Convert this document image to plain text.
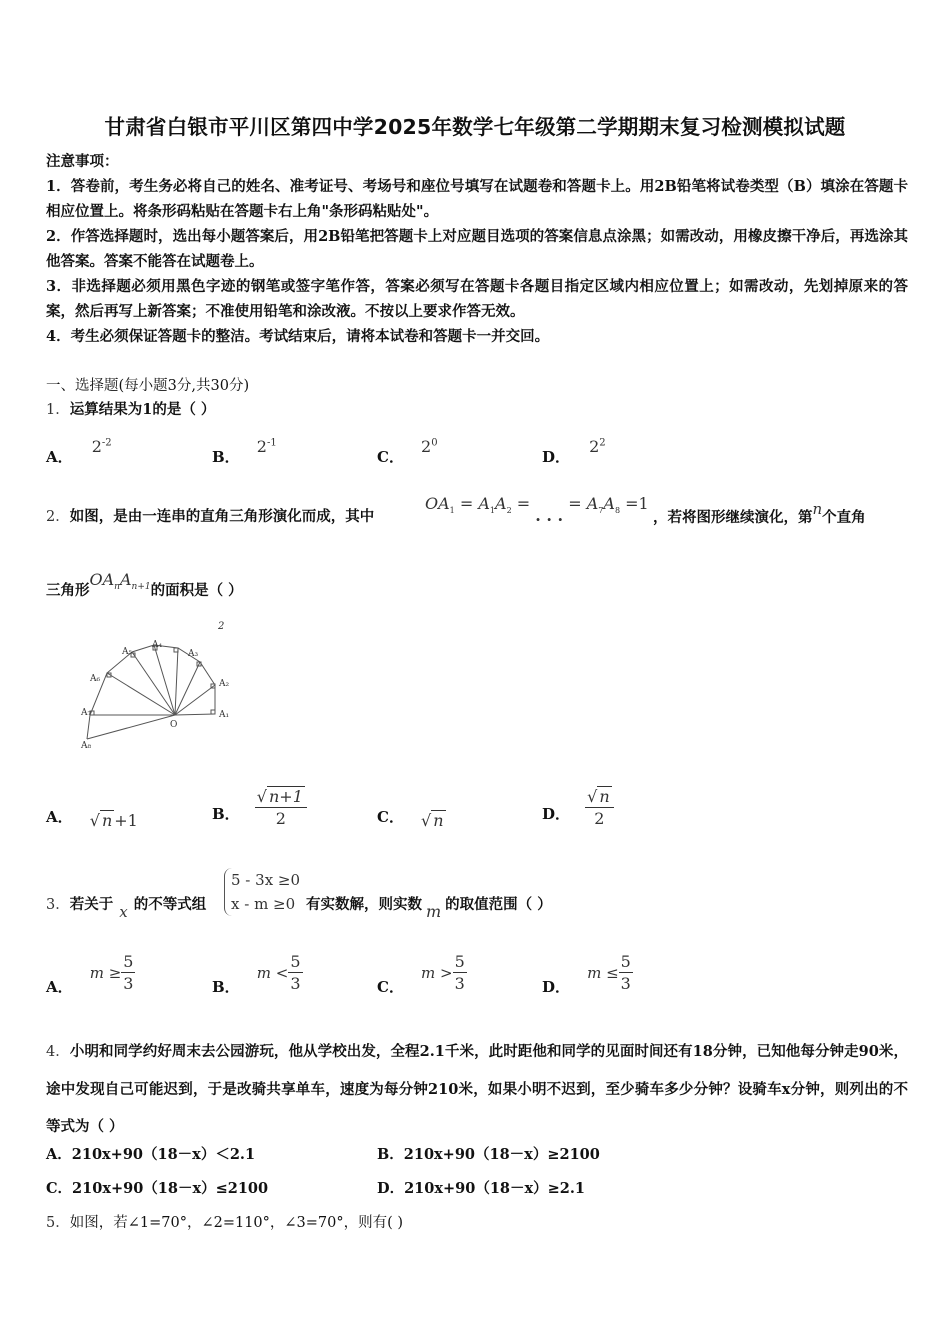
甘肃省白银市平川区第四中学2025年数学七年级第二学期期末复习检测模拟试题
注意事项：
1．答卷前，考生务必将自己的姓名、准考证号、考场号和座位号填写在试题卷和答题卡上。用2B铅笔将试卷类型（B）填涂在答题卡相应位置上。将条形码粘贴在答题卡右上角"条形码粘贴处"。
2．作答选择题时，选出每小题答案后，用2B铅笔把答题卡上对应题目选项的答案信息点涂黑；如需改动，用橡皮擦干净后，再选涂其他答案。答案不能答在试题卷上。
3．非选择题必须用黑色字迹的钢笔或签字笔作答，答案必须写在答题卡各题目指定区域内相应位置上；如需改动，先划掉原来的答案，然后再写上新答案；不准使用铅笔和涂改液。不按以上要求作答无效。
4．考生必须保证答题卡的整洁。考试结束后，请将本试卷和答题卡一并交回。
一、选择题(每小题3分,共30分)
1．运算结果为1的是（ ）
A． $2^{-2}$
B． $2^{-1}$
C． $2^0$
D． $2^2$
2．如图，是由一连串的直角三角形演化而成，其中
$OA_1 = A_1A_2$ = . . . = $A_7A_8 =1$
，若将图形继续演化，第n个直角
三角形$OA_nA_{n+1}$的面积是（ ）
2
A₁
A₂
A₃
A₄
A₅
A₆
A₇
A₈
O
A． √ n +1	B． $\frac{√ n+1}{2}$	C． √ n	D． $\frac{√ n}{2}$
3．若关于 x 的不等式组
5 - 3x ≥0
x - m ≥0 有实数解，则实数 m 的取值范围（ ）
A． $m \ge \frac{5}{3}$	B． $m < \frac{5}{3}$	C． $m > \frac{5}{3}$	D． $m \le \frac{5}{3}$
4．小明和同学约好周末去公园游玩，他从学校出发，全程2.1千米，此时距他和同学的见面时间还有18分钟，已知他每分钟走90米，途中发现自己可能迟到，于是改骑共享单车，速度为每分钟210米，如果小明不迟到，至少骑车多少分钟？设骑车x分钟，则列出的不等式为（ ）
A．210x+90（18－x）＜2.1	B．210x+90（18－x）≥2100
C．210x+90（18－x）≤2100	D．210x+90（18－x）≥2.1
5．如图，若∠1=70°，∠2=110°，∠3=70°，则有( )
